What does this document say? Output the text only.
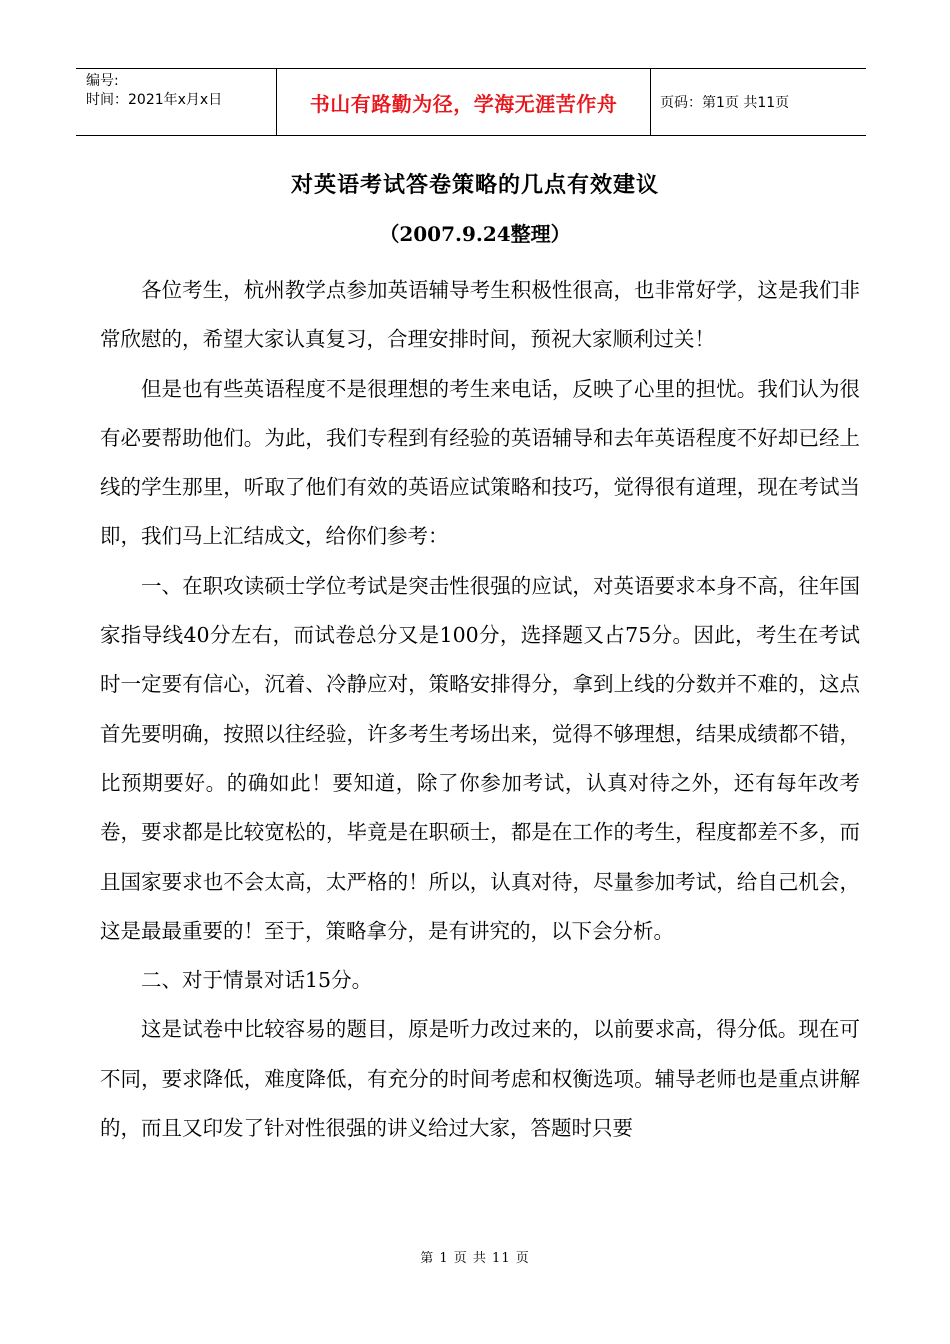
编号:
时间：2021年x月x日	书山有路勤为径，学海无涯苦作舟	页码：第1页 共11页
对英语考试答卷策略的几点有效建议
（2007.9.24整理）

各位考生，杭州教学点参加英语辅导考生积极性很高，也非常好学，这是我们非常欣慰的，希望大家认真复习，合理安排时间，预祝大家顺利过关！

但是也有些英语程度不是很理想的考生来电话，反映了心里的担忧。我们认为很有必要帮助他们。为此，我们专程到有经验的英语辅导和去年英语程度不好却已经上线的学生那里，听取了他们有效的英语应试策略和技巧，觉得很有道理，现在考试当即，我们马上汇结成文，给你们参考：

一、在职攻读硕士学位考试是突击性很强的应试，对英语要求本身不高，往年国家指导线40分左右，而试卷总分又是100分，选择题又占75分。因此，考生在考试时一定要有信心，沉着、冷静应对，策略安排得分，拿到上线的分数并不难的，这点首先要明确，按照以往经验，许多考生考场出来，觉得不够理想，结果成绩都不错，比预期要好。的确如此！要知道，除了你参加考试，认真对待之外，还有每年改考卷，要求都是比较宽松的，毕竟是在职硕士，都是在工作的考生，程度都差不多，而且国家要求也不会太高，太严格的！所以，认真对待，尽量参加考试，给自己机会，这是最最重要的！至于，策略拿分，是有讲究的，以下会分析。

二、对于情景对话15分。

这是试卷中比较容易的题目，原是听力改过来的，以前要求高，得分低。现在可不同，要求降低，难度降低，有充分的时间考虑和权衡选项。辅导老师也是重点讲解的，而且又印发了针对性很强的讲义给过大家，答题时只要

第 1 页 共 11 页
